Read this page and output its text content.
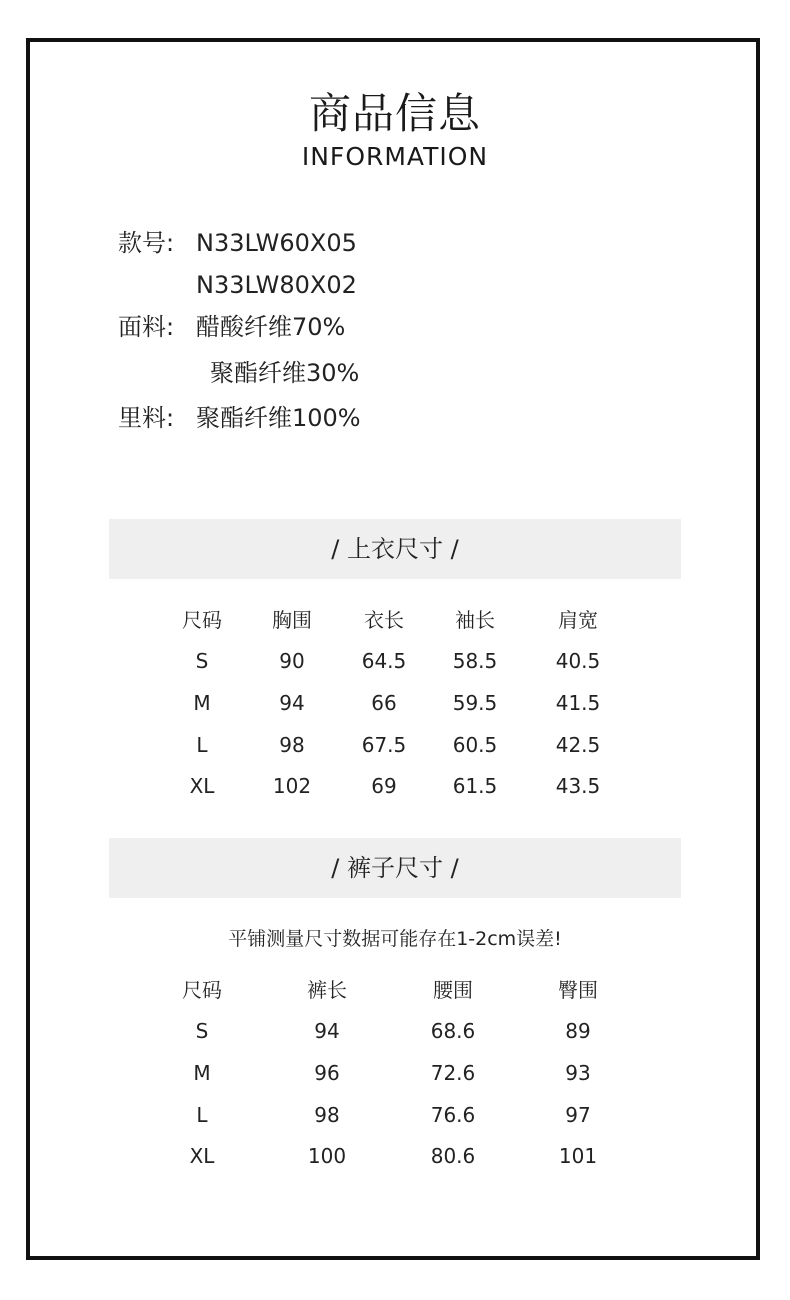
商品信息
INFORMATION
款号: N33LW60X05
N33LW80X02
面料: 醋酸纤维70%
聚酯纤维30%
里料: 聚酯纤维100%
/ 上衣尺寸 /
尺码	胸围	衣长	袖长	肩宽
S	90	64.5	58.5	40.5
M	94	66	59.5	41.5
L	98	67.5	60.5	42.5
XL	102	69	61.5	43.5
/ 裤子尺寸 /
平铺测量尺寸数据可能存在1-2cm误差!
尺码	裤长	腰围	臀围
S	94	68.6	89
M	96	72.6	93
L	98	76.6	97
XL	100	80.6	101
